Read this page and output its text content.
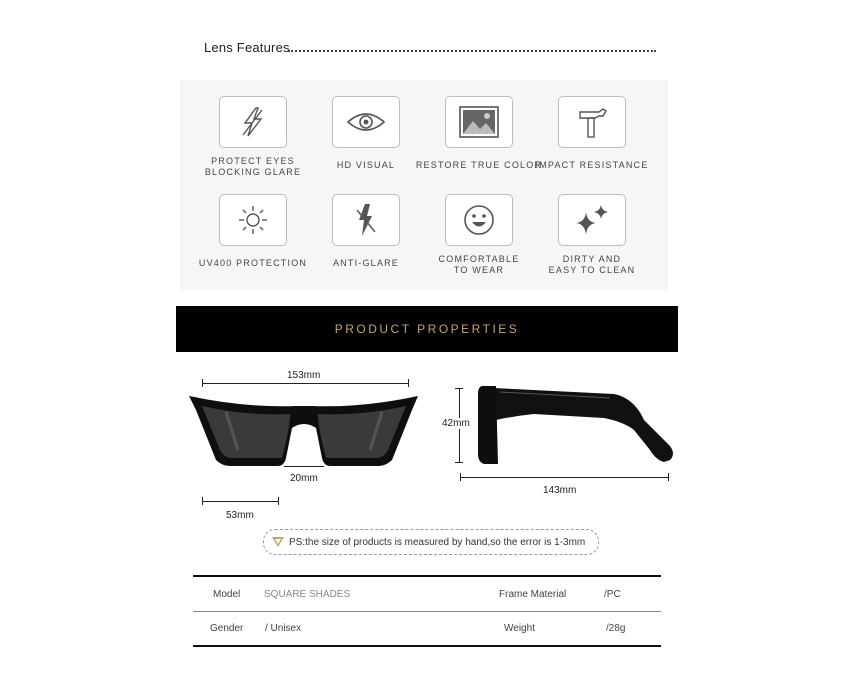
Lens Features
PROTECT EYES
BLOCKING GLARE
HD VISUAL	RESTORE TRUE COLOR
IMPACT RESISTANCE
UV400 PROTECTION	ANTI-GLARE	COMFORTABLE
TO WEAR
DIRTY AND
EASY TO CLEAN
PRODUCT PROPERTIES
153mm
20mm
53mm
42mm
143mm
PS:the size of products is measured by hand,so the error is 1-3mm
Model SQUARE SHADES	Frame Material	/PC
Gender / Unisex	Weight	/28g
